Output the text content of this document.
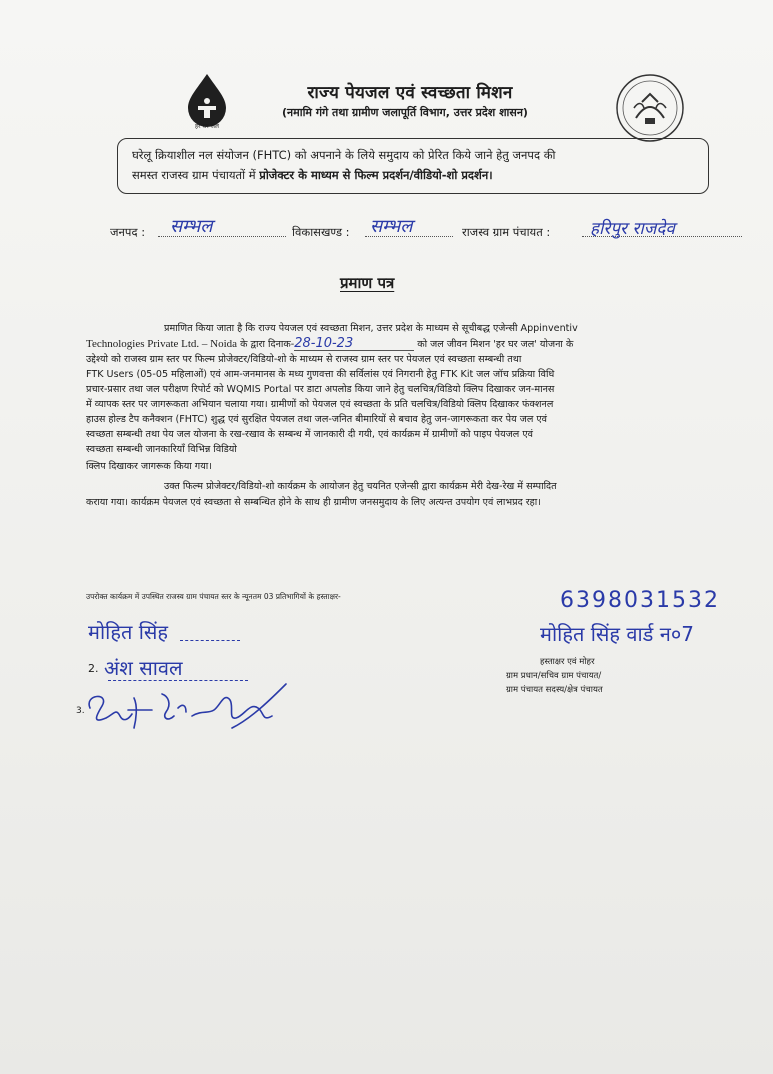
हर घर जल
राज्य पेयजल एवं स्वच्छता मिशन
(नमामि गंगे तथा ग्रामीण जलापूर्ति विभाग, उत्तर प्रदेश शासन)
घरेलू क्रियाशील नल संयोजन (FHTC) को अपनाने के लिये समुदाय को प्रेरित किये जाने हेतु जनपद की
समस्त राजस्व ग्राम पंचायतों में प्रोजेक्टर के माध्यम से फिल्म प्रदर्शन/वीडियो-शो प्रदर्शन।
जनपद : सम्भल	विकासखण्ड : सम्भल	राजस्व ग्राम पंचायत : हरिपुर राजदेव
प्रमाण पत्र
प्रमाणित किया जाता है कि राज्य पेयजल एवं स्वच्छता मिशन, उत्तर प्रदेश के माध्यम से सूचीबद्ध एजेन्सी Appinventiv
Technologies Private Ltd. – Noida के द्वारा दिनाक-28-10-23	को जल जीवन मिशन 'हर घर जल' योजना के
उद्देश्यो को राजस्व ग्राम स्तर पर फिल्म प्रोजेक्टर/विडियो-शो के माध्यम से राजस्व ग्राम स्तर पर पेयजल एवं स्वच्छता सम्बन्धी तथा
FTK Users (05-05 महिलाओं) एवं आम-जनमानस के मध्य गुणवत्ता की सर्विलांस एवं निगरानी हेतु FTK Kit जल जॉच प्रक्रिया विधि
प्रचार-प्रसार तथा जल परीक्षण रिपोर्ट को WQMIS Portal पर डाटा अपलोड किया जाने हेतु चलचित्र/विडियो क्लिप दिखाकर जन-मानस
में व्यापक स्तर पर जागरूकता अभियान चलाया गया। ग्रामीणों को पेयजल एवं स्वच्छता के प्रति चलचित्र/विडियो क्लिप दिखाकर फंक्शनल
हाउस होल्ड टैप कनैक्शन (FHTC) शुद्ध एवं सुरक्षित पेयजल तथा जल-जनित बीमारियों से बचाव हेतु जन-जागरूकता कर पेय जल एवं
स्वच्छता सम्बन्धी तथा पेय जल योजना के रख-रखाव के सम्बन्ध में जानकारी दी गयी, एवं कार्यक्रम में ग्रामीणों को पाइप पेयजल एवं
स्वच्छता सम्बन्धी जानकारियाँ विभिन्न विडियो
क्लिप दिखाकर जागरूक किया गया।
उक्त फिल्म प्रोजेक्टर/विडियो-शो कार्यक्रम के आयोजन हेतु चयनित एजेन्सी द्वारा कार्यक्रम मेरी देख-रेख में सम्पादित
कराया गया। कार्यक्रम पेयजल एवं स्वच्छता से सम्बन्धित होने के साथ ही ग्रामीण जनसमुदाय के लिए अत्यन्त उपयोग एवं लाभप्रद रहा।
उपरोक्त कार्यक्रम में उपस्थित राजस्व ग्राम पंचायत स्तर के न्यूनतम 03 प्रतिभागियों के हस्ताक्षर-
मोहित सिंह
2. अंश सावल
3.
6398031532
मोहित सिंह वार्ड न०7
हस्ताक्षर एवं मोहर
ग्राम प्रधान/सचिव ग्राम पंचायत/
ग्राम पंचायत सदस्य/क्षेत्र पंचायत
